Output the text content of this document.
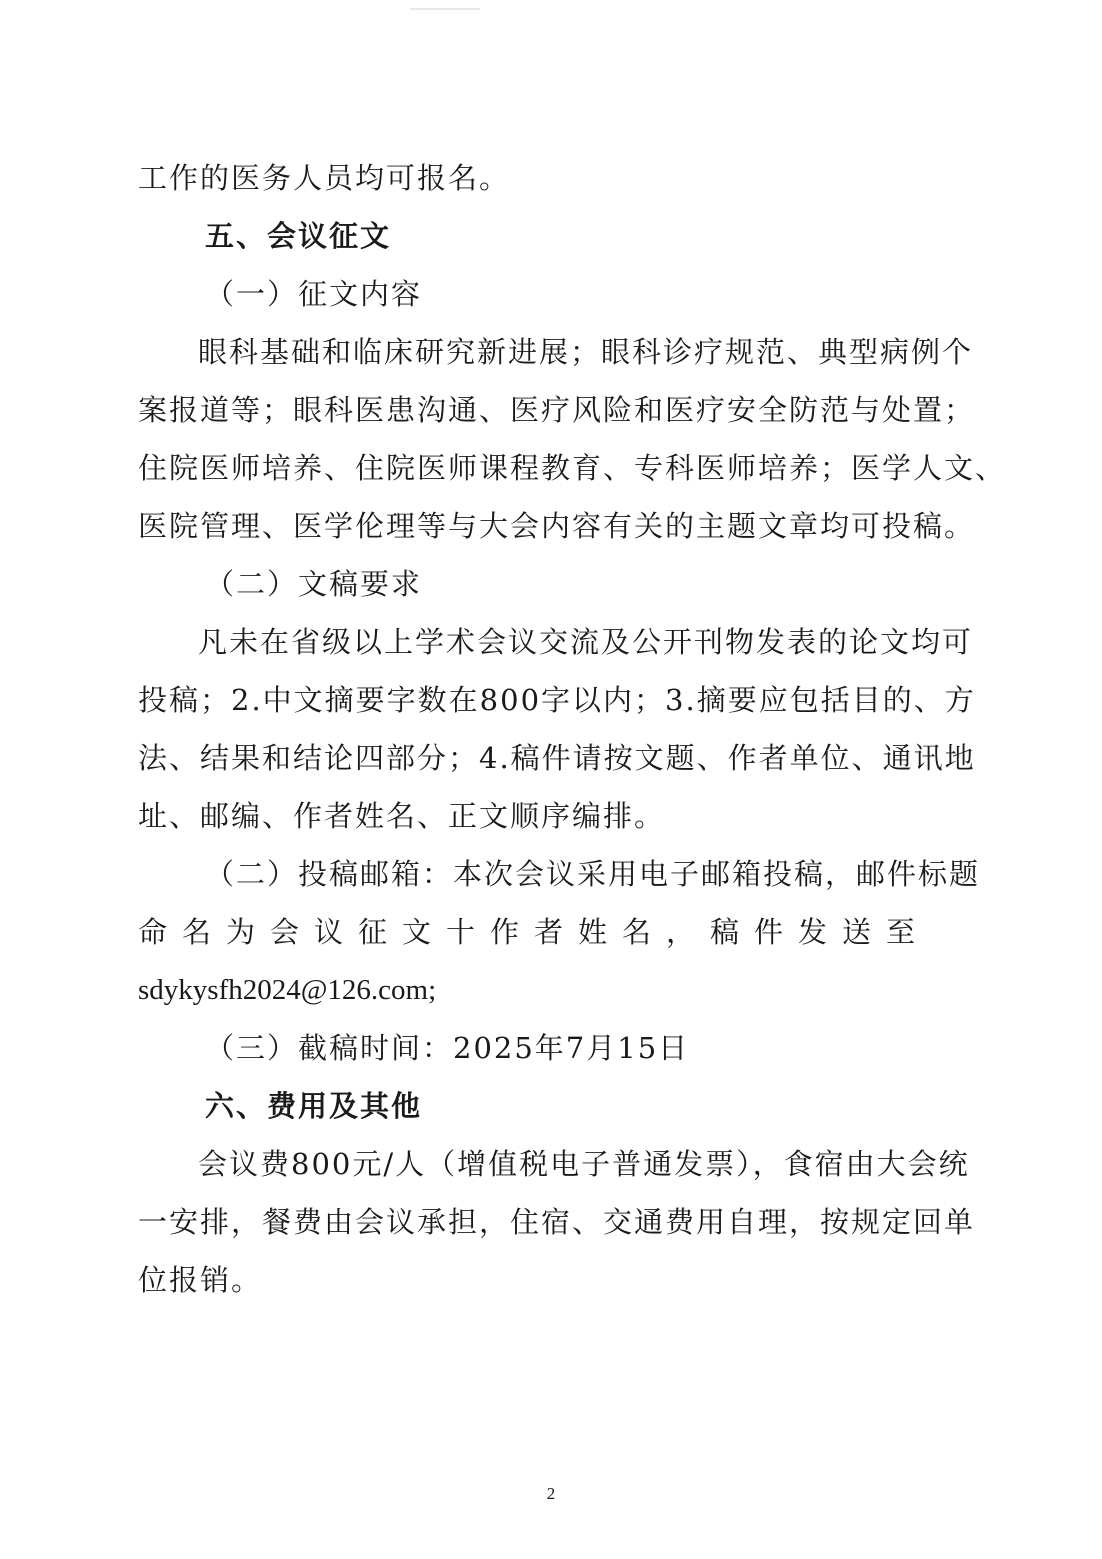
工作的医务人员均可报名。
五、会议征文
（一）征文内容
眼科基础和临床研究新进展；眼科诊疗规范、典型病例个
案报道等；眼科医患沟通、医疗风险和医疗安全防范与处置；
住院医师培养、住院医师课程教育、专科医师培养；医学人文、
医院管理、医学伦理等与大会内容有关的主题文章均可投稿。
（二）文稿要求
凡未在省级以上学术会议交流及公开刊物发表的论文均可
投稿；2.中文摘要字数在800字以内；3.摘要应包括目的、方
法、结果和结论四部分；4.稿件请按文题、作者单位、通讯地
址、邮编、作者姓名、正文顺序编排。
（二）投稿邮箱：本次会议采用电子邮箱投稿，邮件标题
命名为会议征文十作者姓名，稿件发送至
sdykysfh2024@126.com;
（三）截稿时间：2025年7月15日
六、费用及其他
会议费800元/人（增值税电子普通发票），食宿由大会统
一安排，餐费由会议承担，住宿、交通费用自理，按规定回单
位报销。
2
